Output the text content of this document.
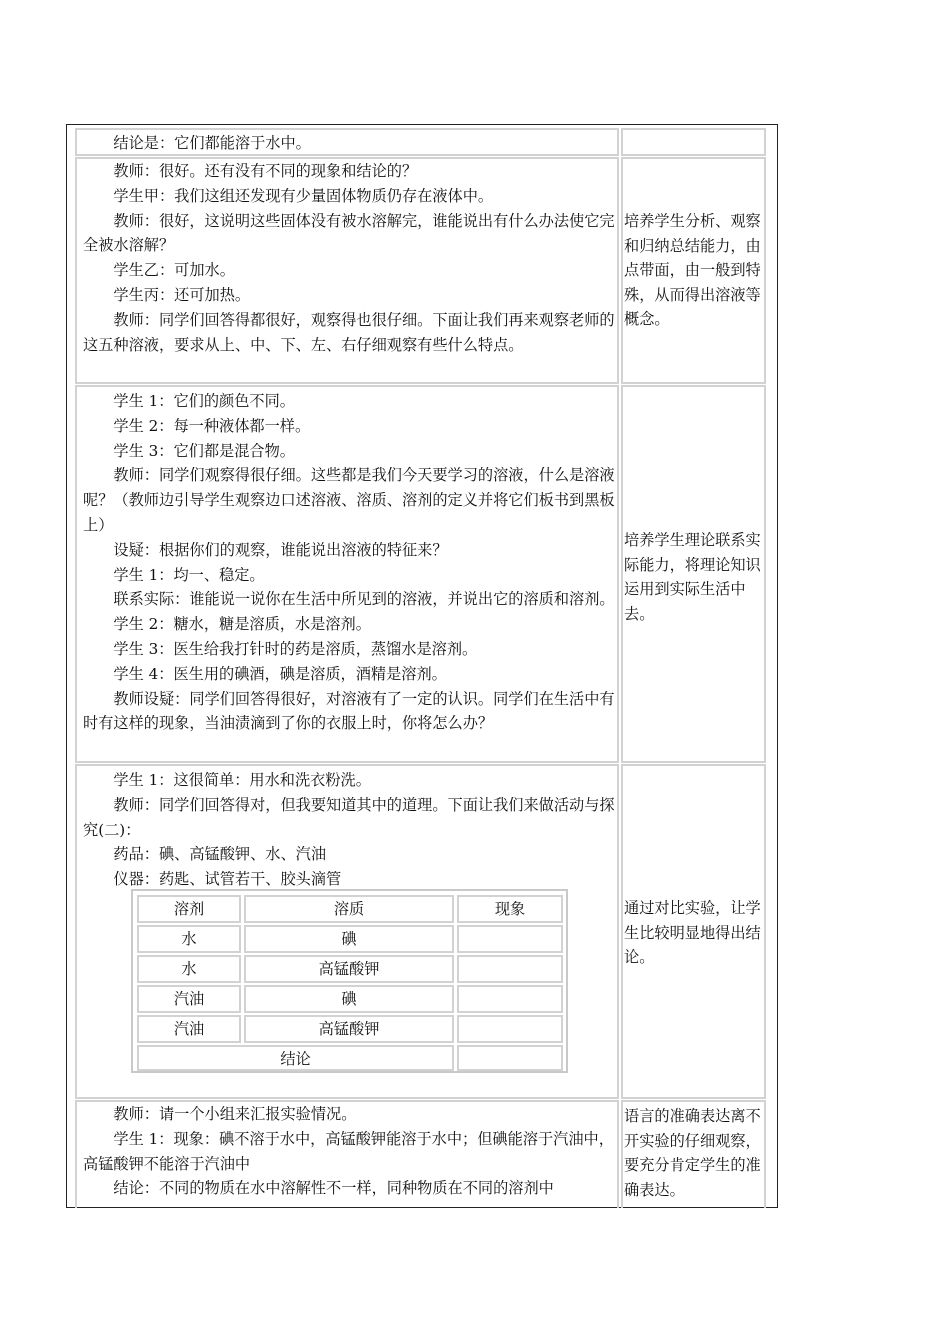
结论是：它们都能溶于水中。
教师：很好。还有没有不同的现象和结论的？
学生甲：我们这组还发现有少量固体物质仍存在液体中。
教师：很好，这说明这些固体没有被水溶解完，谁能说出有什么办法使它完全被水溶解？
学生乙：可加水。
学生丙：还可加热。
教师：同学们回答得都很好，观察得也很仔细。下面让我们再来观察老师的这五种溶液，要求从上、中、下、左、右仔细观察有些什么特点。
培养学生分析、观察和归纳总结能力，由点带面，由一般到特殊，从而得出溶液等概念。
学生 1：它们的颜色不同。
学生 2：每一种液体都一样。
学生 3：它们都是混合物。
教师：同学们观察得很仔细。这些都是我们今天要学习的溶液，什么是溶液呢？（教师边引导学生观察边口述溶液、溶质、溶剂的定义并将它们板书到黑板上）
设疑：根据你们的观察，谁能说出溶液的特征来？
学生 1：均一、稳定。
联系实际：谁能说一说你在生活中所见到的溶液，并说出它的溶质和溶剂。
学生 2：糖水，糖是溶质，水是溶剂。
学生 3：医生给我打针时的药是溶质，蒸馏水是溶剂。
学生 4：医生用的碘酒，碘是溶质，酒精是溶剂。
教师设疑：同学们回答得很好，对溶液有了一定的认识。同学们在生活中有时有这样的现象，当油渍滴到了你的衣服上时，你将怎么办？
培养学生理论联系实际能力，将理论知识运用到实际生活中去。
学生 1：这很简单：用水和洗衣粉洗。
教师：同学们回答得对，但我要知道其中的道理。下面让我们来做活动与探究(二)：
药品：碘、高锰酸钾、水、汽油
仪器：药匙、试管若干、胶头滴管
通过对比实验，让学生比较明显地得出结论。
溶剂	溶质	现象
水	碘
水	高锰酸钾
汽油	碘
汽油	高锰酸钾
结论
教师：请一个小组来汇报实验情况。
学生 1：现象：碘不溶于水中，高锰酸钾能溶于水中；但碘能溶于汽油中，高锰酸钾不能溶于汽油中
结论：不同的物质在水中溶解性不一样，同种物质在不同的溶剂中
语言的准确表达离不开实验的仔细观察，要充分肯定学生的准确表达。
